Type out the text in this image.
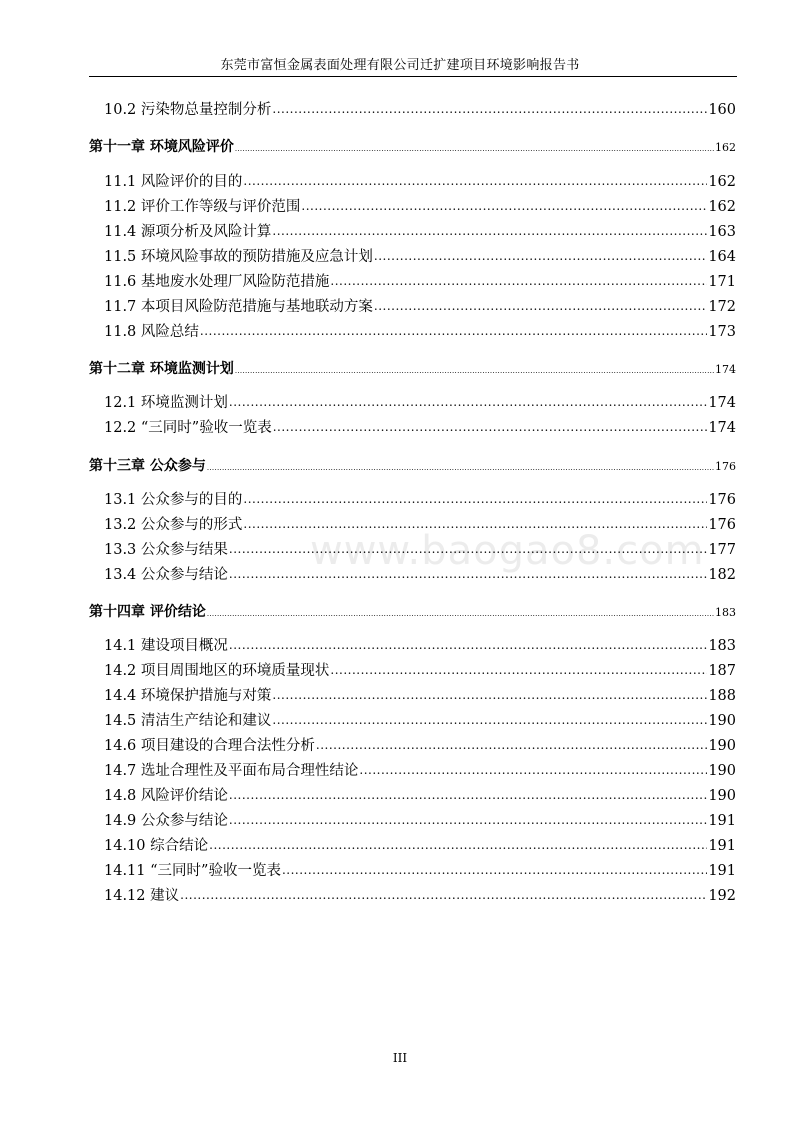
东莞市富恒金属表面处理有限公司迁扩建项目环境影响报告书
www.baogao8.com
10.2 污染物总量控制分析 .....	160
第十一章 环境风险评价 .....	162
11.1 风险评价的目的 .....	162
11.2 评价工作等级与评价范围 .....	162
11.4 源项分析及风险计算 .....	163
11.5 环境风险事故的预防措施及应急计划 .....	164
11.6 基地废水处理厂风险防范措施 .....	171
11.7 本项目风险防范措施与基地联动方案 .....	172
11.8 风险总结 .....	173
第十二章 环境监测计划 .....	174
12.1 环境监测计划 .....	174
12.2 “三同时”验收一览表 .....	174
第十三章 公众参与 .....	176
13.1 公众参与的目的 .....	176
13.2 公众参与的形式 .....	176
13.3 公众参与结果 .....	177
13.4 公众参与结论 .....	182
第十四章 评价结论 .....	183
14.1 建设项目概况 .....	183
14.2 项目周围地区的环境质量现状 .....	187
14.4 环境保护措施与对策 .....	188
14.5 清洁生产结论和建议 .....	190
14.6 项目建设的合理合法性分析 .....	190
14.7 选址合理性及平面布局合理性结论 .....	190
14.8 风险评价结论 .....	190
14.9 公众参与结论 .....	191
14.10 综合结论 .....	191
14.11 “三同时”验收一览表 .....	191
14.12 建议 .....	192
III
